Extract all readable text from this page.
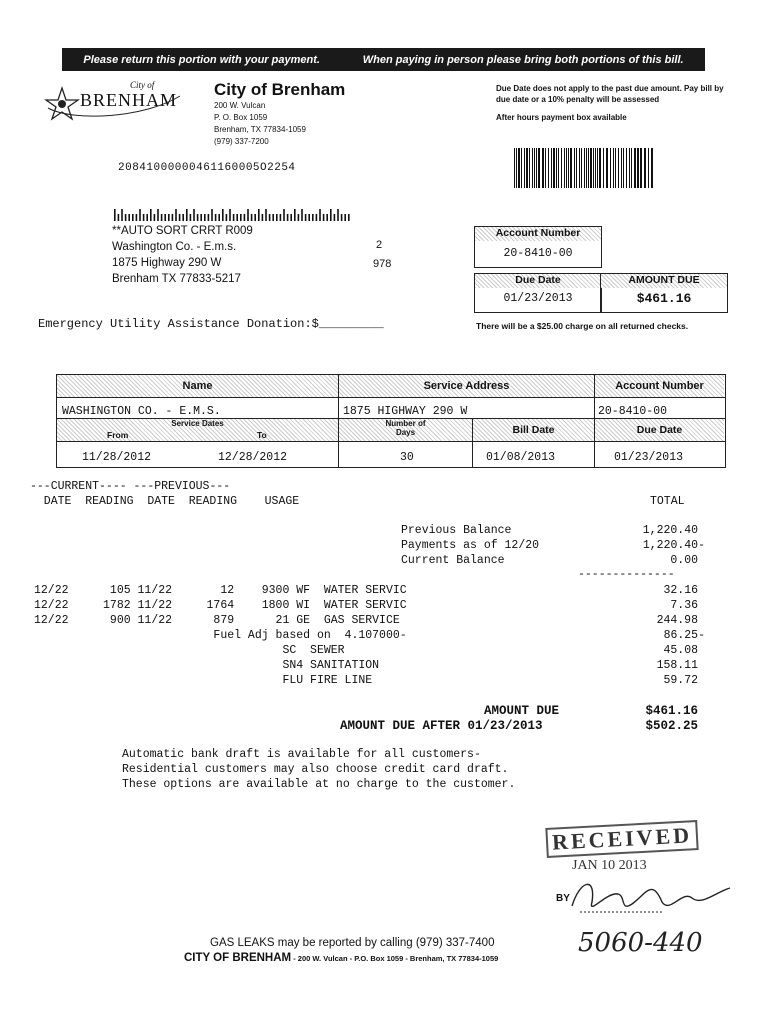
Please return this portion with your payment.	When paying in person please bring both portions of this bill.
City of
BRENHAM
City of Brenham
200 W. Vulcan
P. O. Box 1059
Brenham, TX 77834-1059
(979) 337-7200
Due Date does not apply to the past due amount. Pay bill by due date or a 10% penalty will be assessed
After hours payment box available
20841000000461160005O2254
**AUTO SORT CRRT R009
Washington Co. - E.m.s.
1875 Highway 290 W
Brenham TX 77833-5217
2
978
Account Number
20-8410-00
Due Date
01/23/2013
AMOUNT DUE
$461.16
Emergency Utility Assistance Donation:$_________	There will be a $25.00 charge on all returned checks.
Name	Service Address	Account Number
WASHINGTON CO. - E.M.S.	1875 HIGHWAY 290 W	20-8410-00
Service Dates
From	To
Number of
Days	Bill Date	Due Date
11/28/2012	12/28/2012	30	01/08/2013	01/23/2013
---CURRENT---- ---PREVIOUS---
DATE  READING  DATE  READING    USAGE	TOTAL
Previous Balance	1,220.40
Payments as of 12/20	1,220.40-
Current Balance	0.00
--------------
12/22      105 11/22       12    9300 WF  WATER SERVIC	32.16
12/22     1782 11/22     1764    1800 WI  WATER SERVIC	7.36
12/22      900 11/22      879      21 GE  GAS SERVICE	244.98
Fuel Adj based on  4.107000-	86.25-
SC  SEWER	45.08
SN4 SANITATION	158.11
FLU FIRE LINE	59.72
AMOUNT DUE	$461.16
AMOUNT DUE AFTER 01/23/2013	$502.25
Automatic bank draft is available for all customers-
Residential customers may also choose credit card draft.
These options are available at no charge to the customer.
RECEIVED
JAN 10 2013
BY
5060-440
GAS LEAKS may be reported by calling (979) 337-7400
CITY OF BRENHAM - 200 W. Vulcan - P.O. Box 1059 - Brenham, TX 77834-1059
